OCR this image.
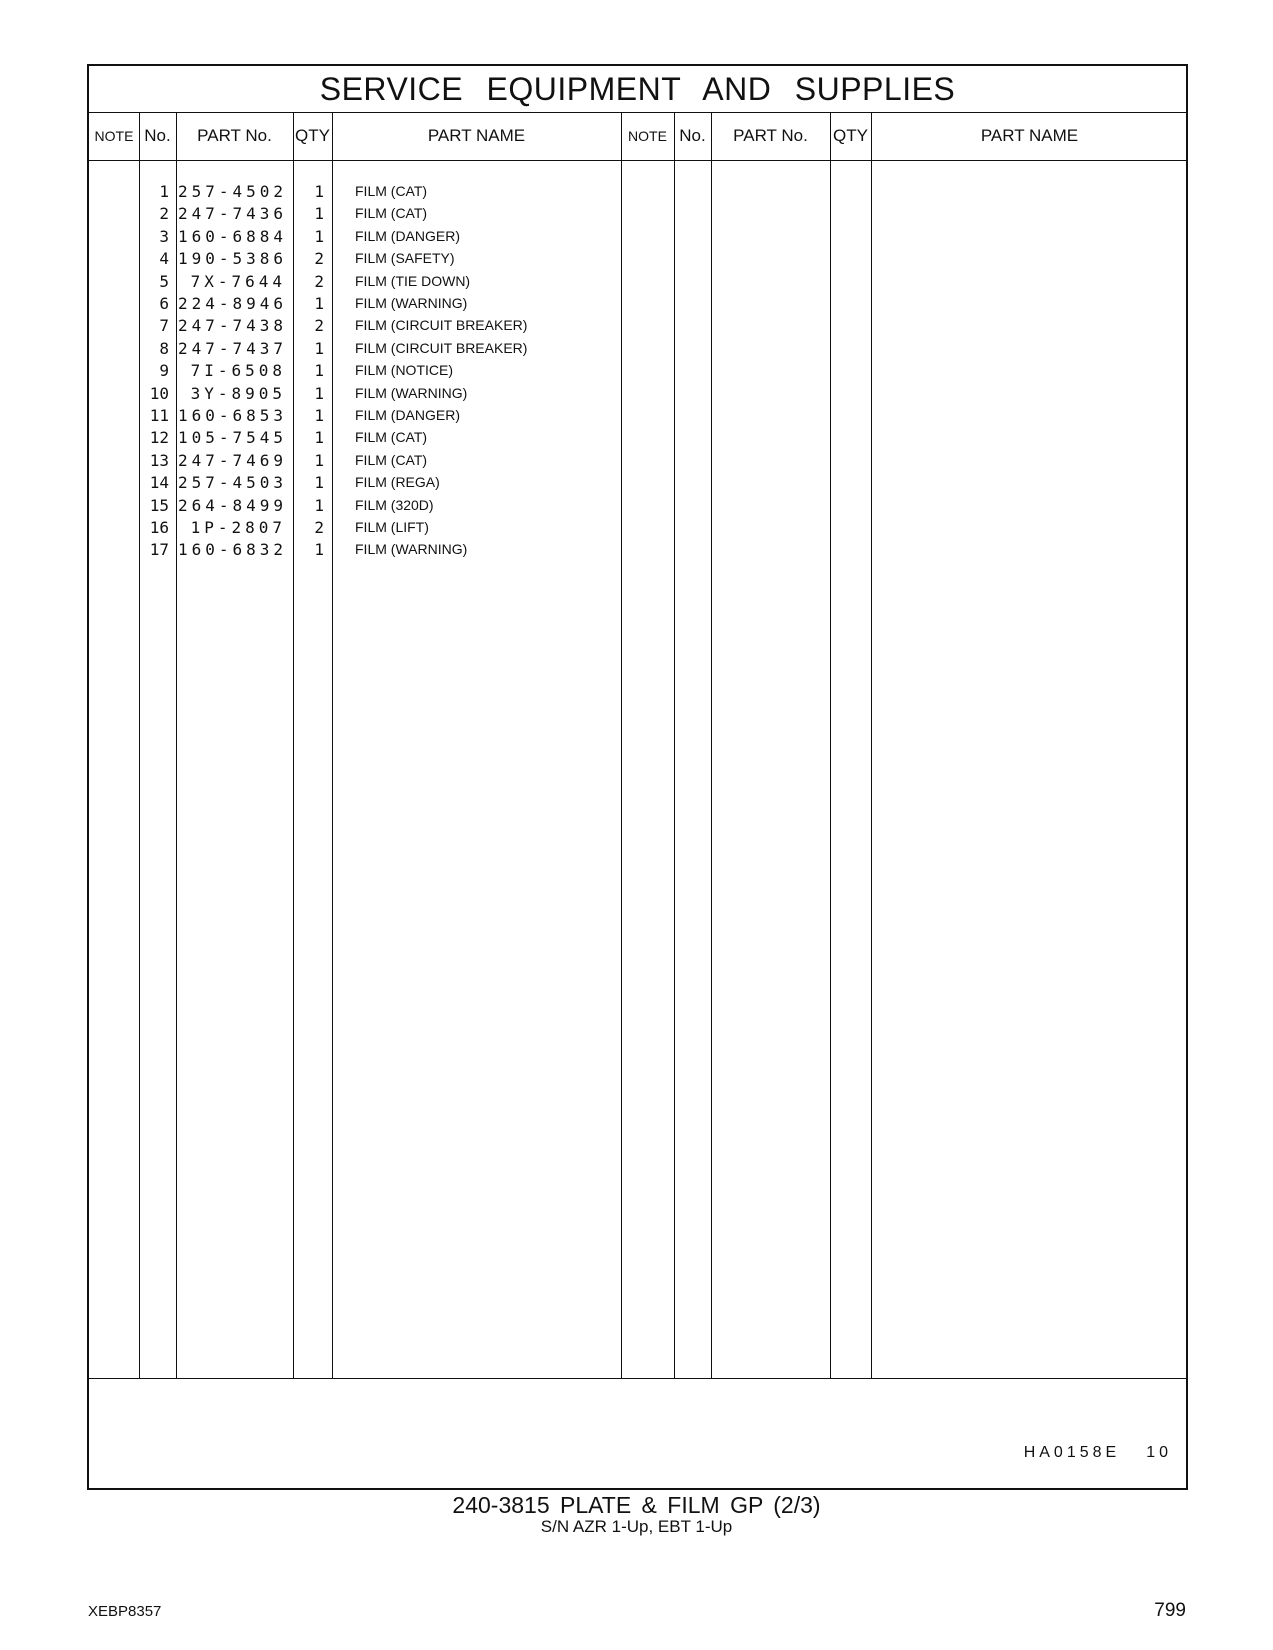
SERVICE EQUIPMENT AND SUPPLIES
NOTE No.	PART No.	QTY	PART NAME	NOTE No.	PART No.	QTY	PART NAME
1 257-4502	1 FILM (CAT)
2 247-7436	1 FILM (CAT)
3 160-6884	1 FILM (DANGER)
4 190-5386	2 FILM (SAFETY)
5	7X-7644	2 FILM (TIE DOWN)
6 224-8946	1 FILM (WARNING)
7 247-7438	2 FILM (CIRCUIT BREAKER)
8 247-7437	1 FILM (CIRCUIT BREAKER)
9	7I-6508	1 FILM (NOTICE)
10	3Y-8905	1 FILM (WARNING)
11 160-6853	1 FILM (DANGER)
12 105-7545	1 FILM (CAT)
13 247-7469	1 FILM (CAT)
14 257-4503	1 FILM (REGA)
15 264-8499	1 FILM (320D)
16	1P-2807	2 FILM (LIFT)
17 160-6832	1 FILM (WARNING)
HA0158E 10
240-3815 PLATE & FILM GP (2/3)
S/N AZR 1-Up, EBT 1-Up
XEBP8357	799
